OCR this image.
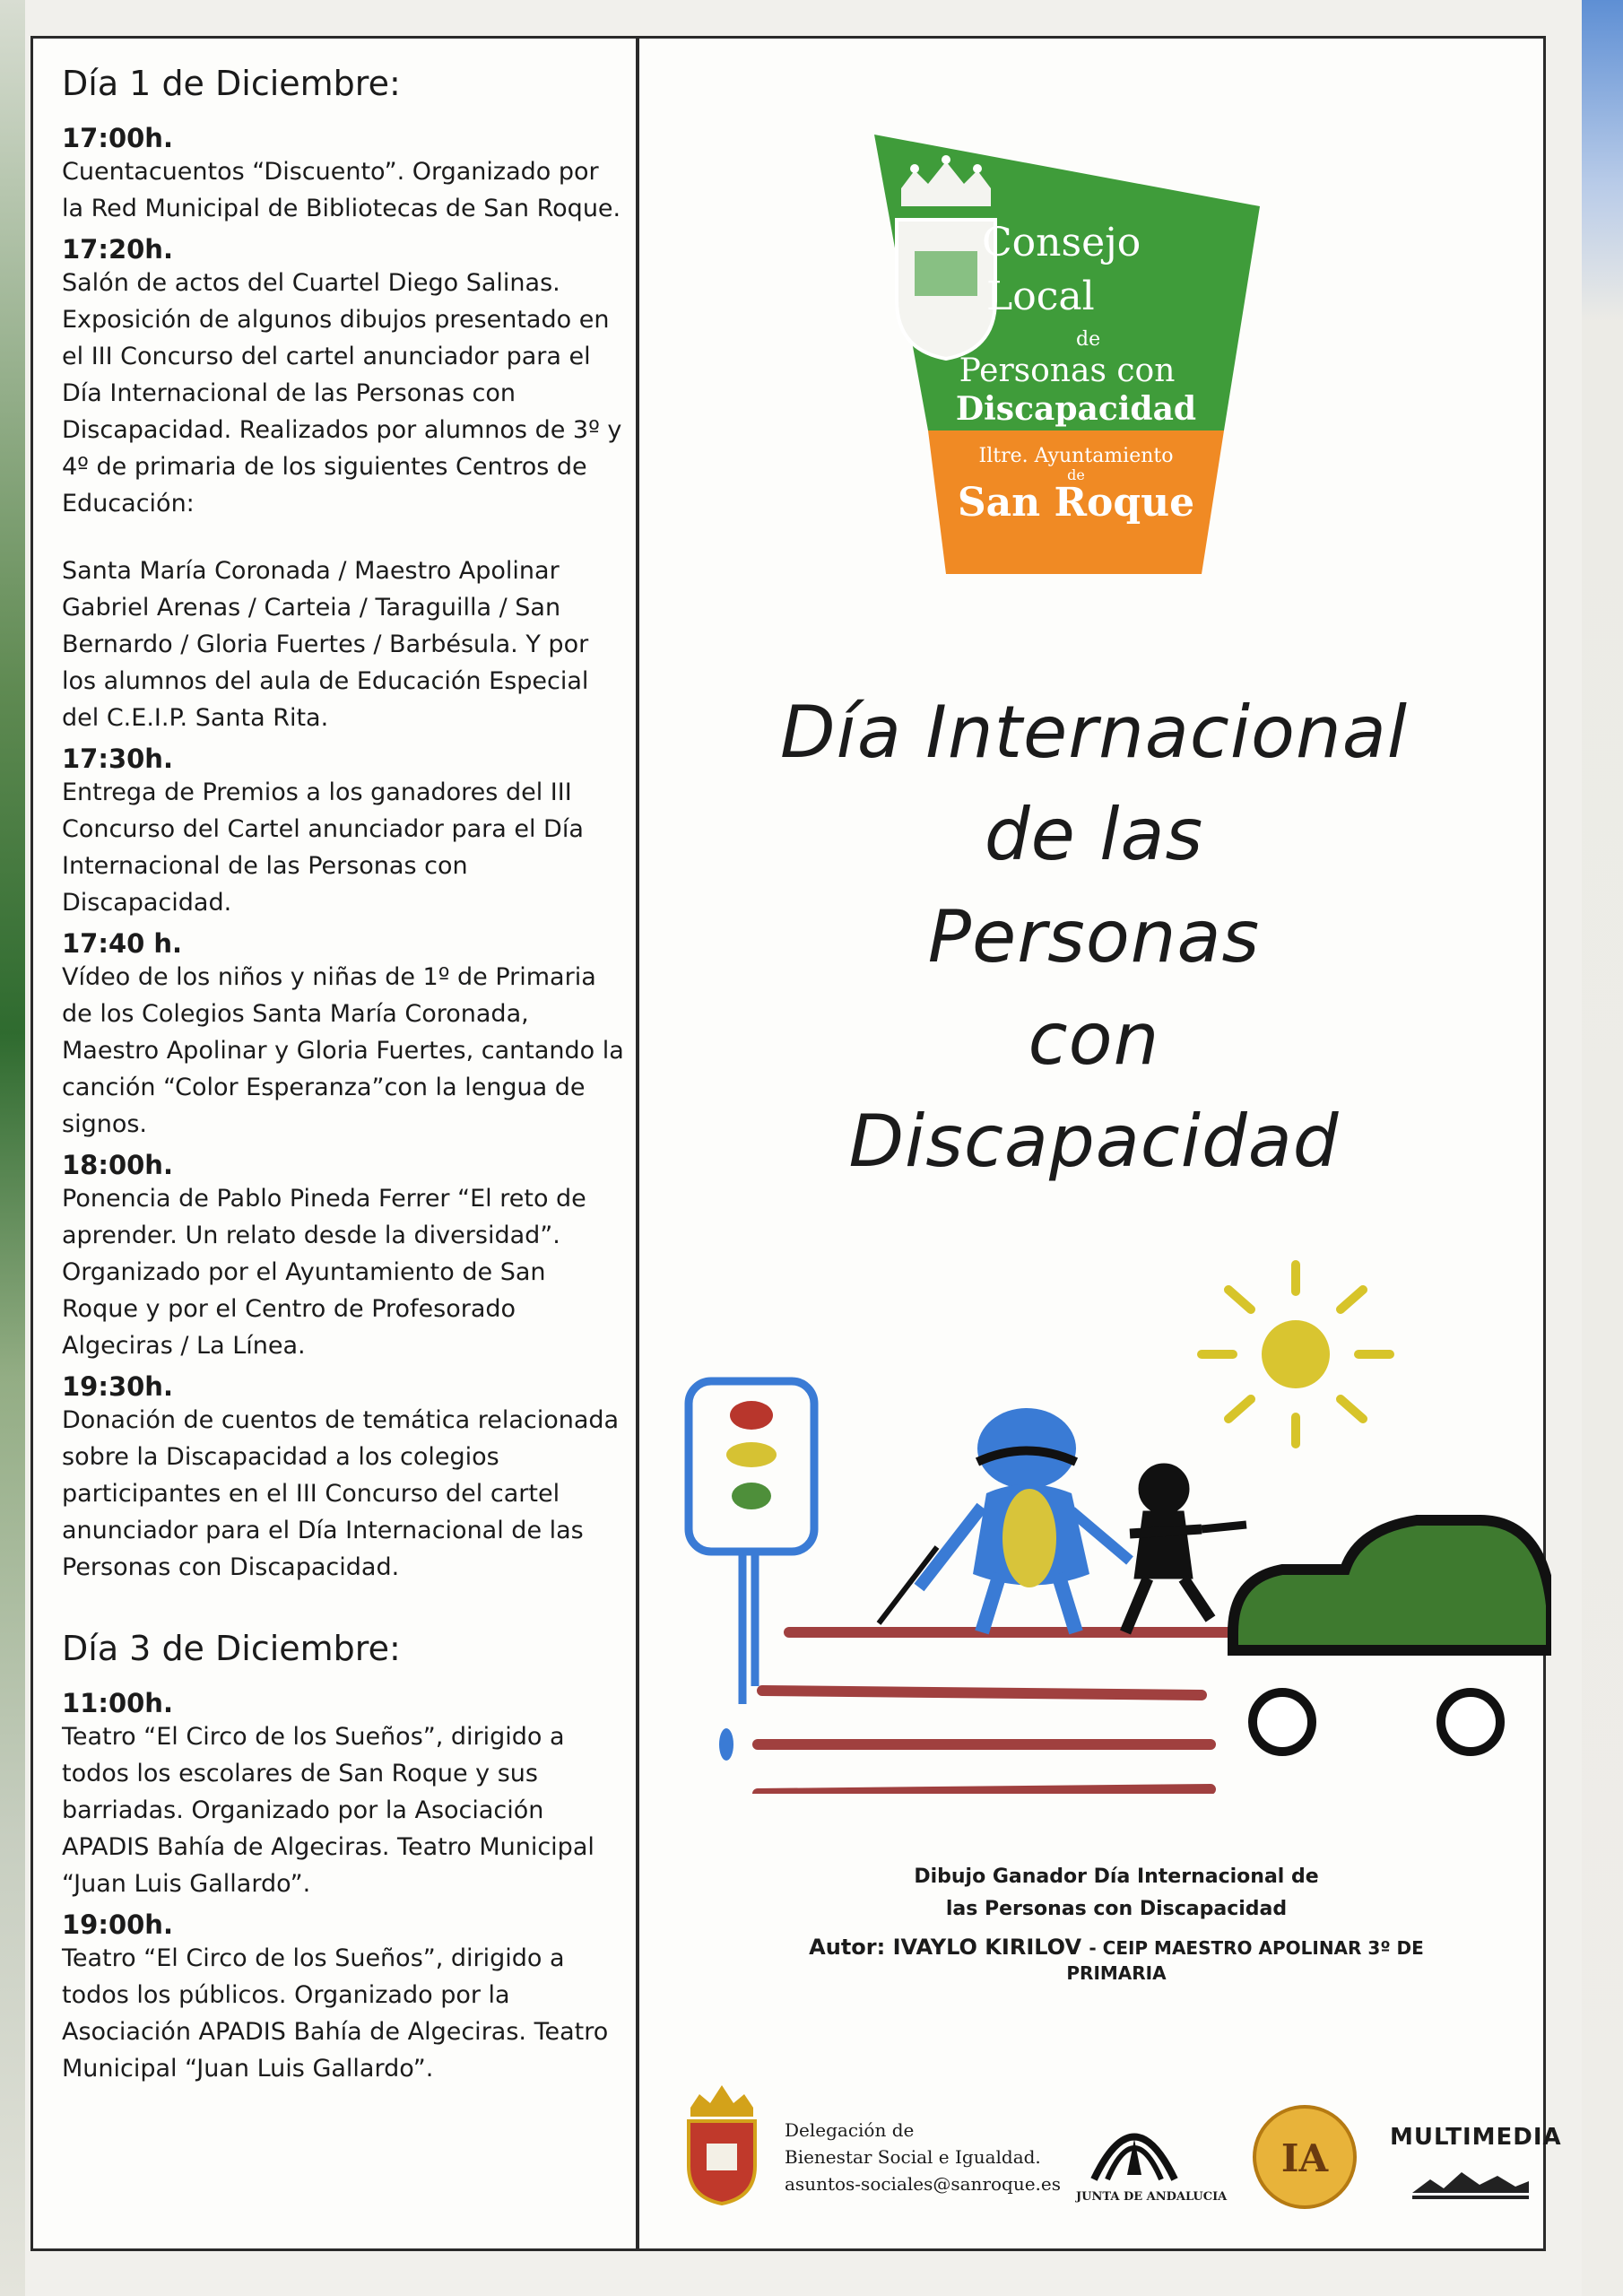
Día 1 de Diciembre:
17:00h.
Cuentacuentos “Discuento”. Organizado por la Red Municipal de Bibliotecas de San Roque.
17:20h.
Salón de actos del Cuartel Diego Salinas. Exposición de algunos dibujos presentado en el III Concurso del cartel anunciador para el Día Internacional de las Personas con Discapacidad. Realizados por alumnos de 3º y 4º de primaria de los siguientes Centros de Educación:
Santa María Coronada / Maestro Apolinar Gabriel Arenas / Carteia / Taraguilla / San Bernardo / Gloria Fuertes / Barbésula. Y por los alumnos del aula de Educación Especial del C.E.I.P. Santa Rita.
17:30h.
Entrega de Premios a los ganadores del III Concurso del Cartel anunciador para el Día Internacional de las Personas con Discapacidad.
17:40 h.
Vídeo de los niños y niñas de 1º de Primaria de los Colegios Santa María Coronada, Maestro Apolinar y Gloria Fuertes, cantando la canción “Color Esperanza”con la lengua de signos.
18:00h.
Ponencia de Pablo Pineda Ferrer “El reto de aprender. Un relato desde la diversidad”. Organizado por el Ayuntamiento de San Roque y por el Centro de Profesorado Algeciras / La Línea.
19:30h.
Donación de cuentos de temática relacionada sobre la Discapacidad a los colegios participantes en el III Concurso del cartel anunciador para el Día Internacional de las Personas con Discapacidad.
Día 3 de Diciembre:
11:00h.
Teatro “El Circo de los Sueños”, dirigido a todos los escolares de San Roque y sus barriadas. Organizado por la Asociación APADIS Bahía de Algeciras. Teatro Municipal “Juan Luis Gallardo”.
19:00h.
Teatro “El Circo de los Sueños”, dirigido a todos los públicos. Organizado por la Asociación APADIS Bahía de Algeciras. Teatro Municipal “Juan Luis Gallardo”.
Consejo
Local
de
Personas con
Discapacidad
Iltre. Ayuntamiento
de
San Roque
Día Internacional
de las
Personas
con
Discapacidad
Dibujo Ganador Día Internacional de
las Personas con Discapacidad
Autor: IVAYLO KIRILOV - CEIP MAESTRO APOLINAR 3º DE PRIMARIA
Delegación de
Bienestar Social e Igualdad.
asuntos-sociales@sanroque.es
JUNTA DE ANDALUCIA
IA	MULTIMEDIA
